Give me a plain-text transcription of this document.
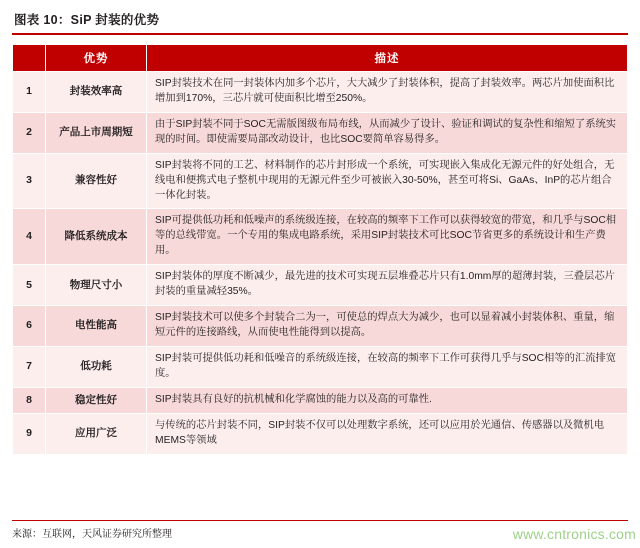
图表 10：SiP 封装的优势
	优势	描述
1	封装效率高	SIP封装技术在同一封装体内加多个芯片，大大减少了封装体积，提高了封装效率。两芯片加使面积比增加到170%，三芯片就可使面积比增至250%。
2	产品上市周期短	由于SIP封装不同于SOC无需版图级布局布线，从而减少了设计、验证和调试的复杂性和缩短了系统实现的时间。即使需要局部改动设计，也比SOC要简单容易得多。
3	兼容性好	SIP封装将不同的工艺、材料制作的芯片封形成一个系统，可实现嵌入集成化无源元件的好处组合，无线电和便携式电子整机中现用的无源元件至少可被嵌入30-50%，甚至可将Si、GaAs、InP的芯片组合一体化封装。
4	降低系统成本	SIP可提供低功耗和低噪声的系统级连接，在较高的频率下工作可以获得较宽的带宽，和几乎与SOC相等的总线带宽。一个专用的集成电路系统，采用SIP封装技术可比SOC节省更多的系统设计和生产费用。
5	物理尺寸小	SIP封装体的厚度不断减少，最先进的技术可实现五层堆叠芯片只有1.0mm厚的超薄封装，三叠层芯片封装的重量减轻35%。
6	电性能高	SIP封装技术可以使多个封装合二为一，可使总的焊点大为减少，也可以显着减小封装体积、重量，缩短元件的连接路线，从而使电性能得到以提高。
7	低功耗	SIP封装可提供低功耗和低噪音的系统级连接，在较高的频率下工作可获得几乎与SOC相等的汇流排宽度。
8	稳定性好	SIP封装具有良好的抗机械和化学腐蚀的能力以及高的可靠性.
9	应用广泛	与传统的芯片封装不同，SIP封装不仅可以处理数字系统，还可以应用於光通信、传感器以及微机电MEMS等领域
来源：互联网，天风证券研究所整理	www.cntronics.com
